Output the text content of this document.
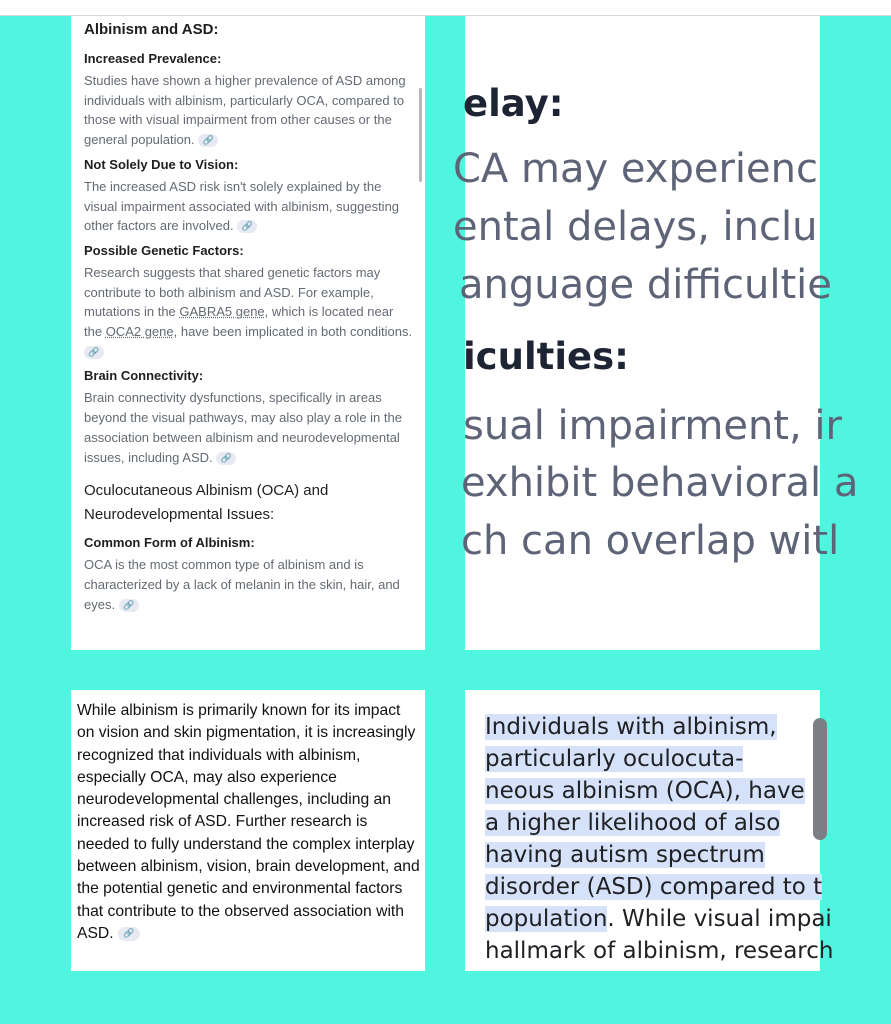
Albinism and ASD:

Increased Prevalence:

Studies have shown a higher prevalence of ASD among individuals with albinism, particularly OCA, compared to those with visual impairment from other causes or the general population. 🔗

Not Solely Due to Vision:

The increased ASD risk isn't solely explained by the visual impairment associated with albinism, suggesting other factors are involved. 🔗

Possible Genetic Factors:

Research suggests that shared genetic factors may contribute to both albinism and ASD. For example, mutations in the GABRA5 gene, which is located near the OCA2 gene, have been implicated in both conditions. 🔗

Brain Connectivity:

Brain connectivity dysfunctions, specifically in areas beyond the visual pathways, may also play a role in the association between albinism and neurodevelopmental issues, including ASD. 🔗

Oculocutaneous Albinism (OCA) and

Neurodevelopmental Issues:

Common Form of Albinism:

OCA is the most common type of albinism and is characterized by a lack of melanin in the skin, hair, and eyes. 🔗

elay:
CA may experienc
ental delays, inclu
anguage difficultie
iculties:
sual impairment, ir
exhibit behavioral a
ch can overlap witl

While albinism is primarily known for its impact on vision and skin pigmentation, it is increasingly recognized that individuals with albinism, especially OCA, may also experience neurodevelopmental challenges, including an increased risk of ASD. Further research is needed to fully understand the complex interplay between albinism, vision, brain development, and the potential genetic and environmental factors that contribute to the observed association with ASD. 🔗

Individuals with albinism,
particularly oculocuta-
neous albinism (OCA), have
a higher likelihood of also
having autism spectrum
disorder (ASD) compared to t
population. While visual impai
hallmark of albinism, research
